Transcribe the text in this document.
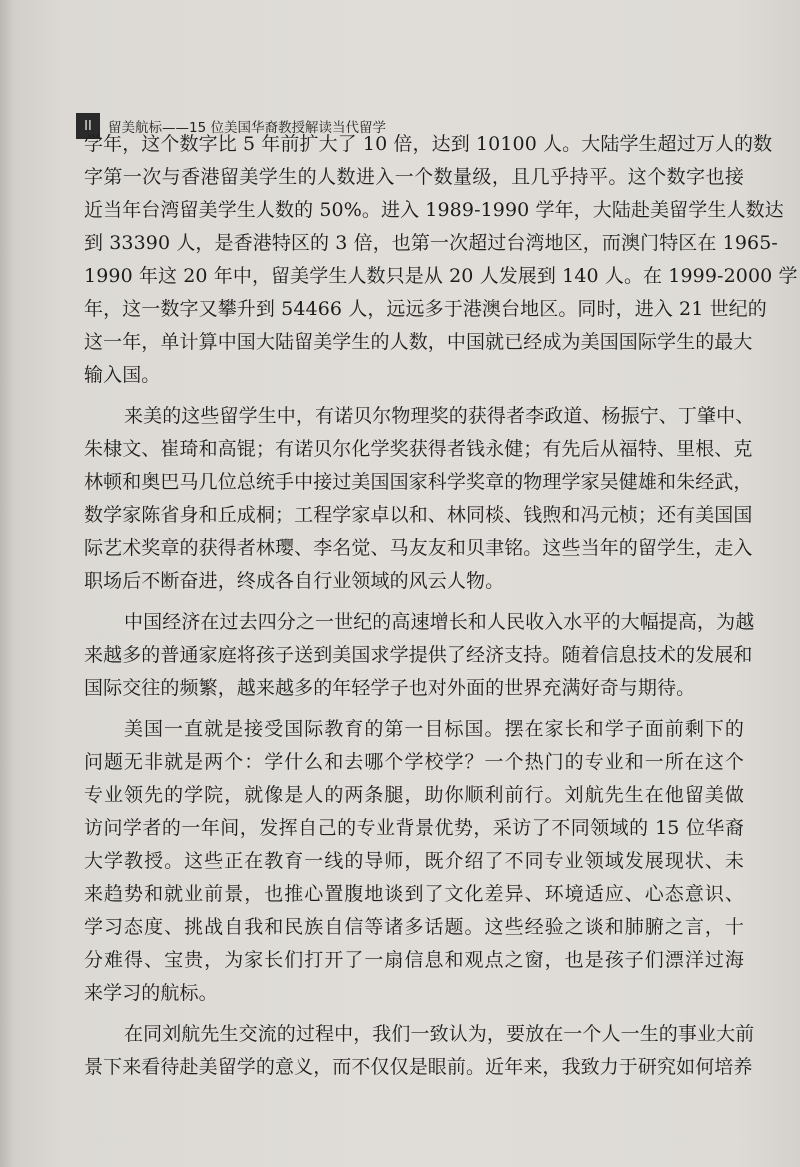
II	留美航标——15 位美国华裔教授解读当代留学
学年，这个数字比 5 年前扩大了 10 倍，达到 10100 人。大陆学生超过万人的数
字第一次与香港留美学生的人数进入一个数量级，且几乎持平。这个数字也接
近当年台湾留美学生人数的 50%。进入 1989-1990 学年，大陆赴美留学生人数达
到 33390 人，是香港特区的 3 倍，也第一次超过台湾地区，而澳门特区在 1965-
1990 年这 20 年中，留美学生人数只是从 20 人发展到 140 人。在 1999-2000 学
年，这一数字又攀升到 54466 人，远远多于港澳台地区。同时，进入 21 世纪的
这一年，单计算中国大陆留美学生的人数，中国就已经成为美国国际学生的最大
输入国。
来美的这些留学生中，有诺贝尔物理奖的获得者李政道、杨振宁、丁肇中、
朱棣文、崔琦和高锟；有诺贝尔化学奖获得者钱永健；有先后从福特、里根、克
林顿和奥巴马几位总统手中接过美国国家科学奖章的物理学家吴健雄和朱经武，
数学家陈省身和丘成桐；工程学家卓以和、林同棪、钱煦和冯元桢；还有美国国
际艺术奖章的获得者林璎、李名觉、马友友和贝聿铭。这些当年的留学生，走入
职场后不断奋进，终成各自行业领域的风云人物。
中国经济在过去四分之一世纪的高速增长和人民收入水平的大幅提高，为越
来越多的普通家庭将孩子送到美国求学提供了经济支持。随着信息技术的发展和
国际交往的频繁，越来越多的年轻学子也对外面的世界充满好奇与期待。
美国一直就是接受国际教育的第一目标国。摆在家长和学子面前剩下的
问题无非就是两个：学什么和去哪个学校学？一个热门的专业和一所在这个
专业领先的学院，就像是人的两条腿，助你顺利前行。刘航先生在他留美做
访问学者的一年间，发挥自己的专业背景优势，采访了不同领域的 15 位华裔
大学教授。这些正在教育一线的导师，既介绍了不同专业领域发展现状、未
来趋势和就业前景，也推心置腹地谈到了文化差异、环境适应、心态意识、
学习态度、挑战自我和民族自信等诸多话题。这些经验之谈和肺腑之言，十
分难得、宝贵，为家长们打开了一扇信息和观点之窗，也是孩子们漂洋过海
来学习的航标。
在同刘航先生交流的过程中，我们一致认为，要放在一个人一生的事业大前
景下来看待赴美留学的意义，而不仅仅是眼前。近年来，我致力于研究如何培养
